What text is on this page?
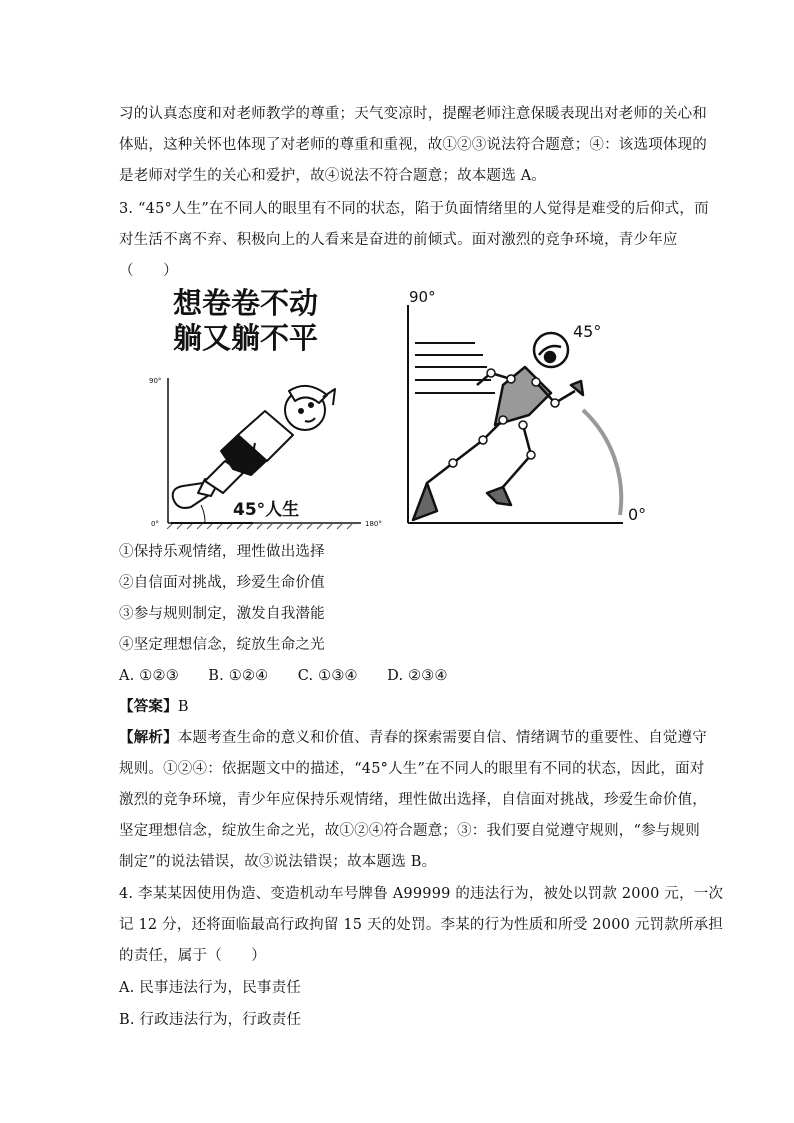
习的认真态度和对老师教学的尊重；天气变凉时，提醒老师注意保暖表现出对老师的关心和
体贴，这种关怀也体现了对老师的尊重和重视，故①②③说法符合题意；④：该选项体现的
是老师对学生的关心和爱护，故④说法不符合题意；故本题选 A。
3. “45°人生”在不同人的眼里有不同的状态，陷于负面情绪里的人觉得是难受的后仰式，而
对生活不离不弃、积极向上的人看来是奋进的前倾式。面对激烈的竞争环境，青少年应
（　　）
想卷卷不动
躺又躺不平
90°
0°	180°
45°人生
90°
0°
45°
①保持乐观情绪，理性做出选择
②自信面对挑战，珍爱生命价值
③参与规则制定，激发自我潜能
④坚定理想信念，绽放生命之光
A. ①②③　　B. ①②④　　C. ①③④　　D. ②③④
【答案】B
【解析】本题考查生命的意义和价值、青春的探索需要自信、情绪调节的重要性、自觉遵守
规则。①②④：依据题文中的描述，“45°人生”在不同人的眼里有不同的状态，因此，面对
激烈的竞争环境，青少年应保持乐观情绪，理性做出选择，自信面对挑战，珍爱生命价值，
坚定理想信念，绽放生命之光，故①②④符合题意；③：我们要自觉遵守规则，“参与规则
制定”的说法错误，故③说法错误；故本题选 B。
4. 李某某因使用伪造、变造机动车号牌鲁 A99999 的违法行为，被处以罚款 2000 元，一次
记 12 分，还将面临最高行政拘留 15 天的处罚。李某的行为性质和所受 2000 元罚款所承担
的责任，属于（　　）
A. 民事违法行为，民事责任
B. 行政违法行为，行政责任
